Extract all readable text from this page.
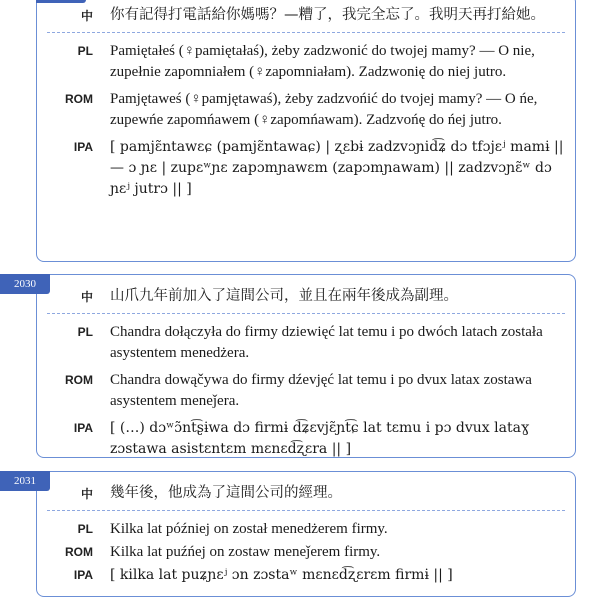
中 你有記得打電話給你媽嗎？—糟了，我完全忘了。我明天再打給她。
PL Pamiętałeś (♀pamiętałaś), żeby zadzwonić do twojej mamy? — O nie, zupełnie zapomniałem (♀zapomniałam). Zadzwonię do niej jutro.
ROM Pamjętaweś (♀pamjętawaś), żeby zadzvońić do tvojej mamy? — O ńe, zupewńe zapomńawem (♀zapomńawam). Zadzvońę do ńej jutro.
IPA [ pamjɛ̃ntawɛɕ (pamjɛ̃ntawaɕ) | ʐɛbɨ zadzvɔɲid͡ʑ dɔ tfɔjɛʲ mamɨ || — ɔ ɲɛ | zupɛʷɲɛ zapɔmɲawɛm (zapɔmɲawam) || zadzvɔɲɛ̃ʷ dɔ ɲɛʲ jutrɔ || ]
2030
中 山爪九年前加入了這間公司，並且在兩年後成為副理。
PL Chandra dołączyła do firmy dziewięć lat temu i po dwóch latach została asystentem menedżera.
ROM Chandra dowąčywa do firmy dźevjęć lat temu i po dvux latax zostawa asystentem meneǰera.
IPA [ (…) dɔʷɔ̃nt͡ʂɨwa dɔ firmɨ d͡ʑɛvjɛ̃ɲt͡ɕ lat tɛmu i pɔ dvux lataɣ zɔstawa asistɛntɛm mɛnɛd͡ʐɛra || ]
2031
中 幾年後，他成為了這間公司的經理。
PL Kilka lat później on został menedżerem firmy.
ROM Kilka lat puźńej on zostaw meneǰerem firmy.
IPA [ kilka lat puʑɲɛʲ ɔn zɔstaʷ mɛnɛd͡ʐɛrɛm firmɨ || ]
